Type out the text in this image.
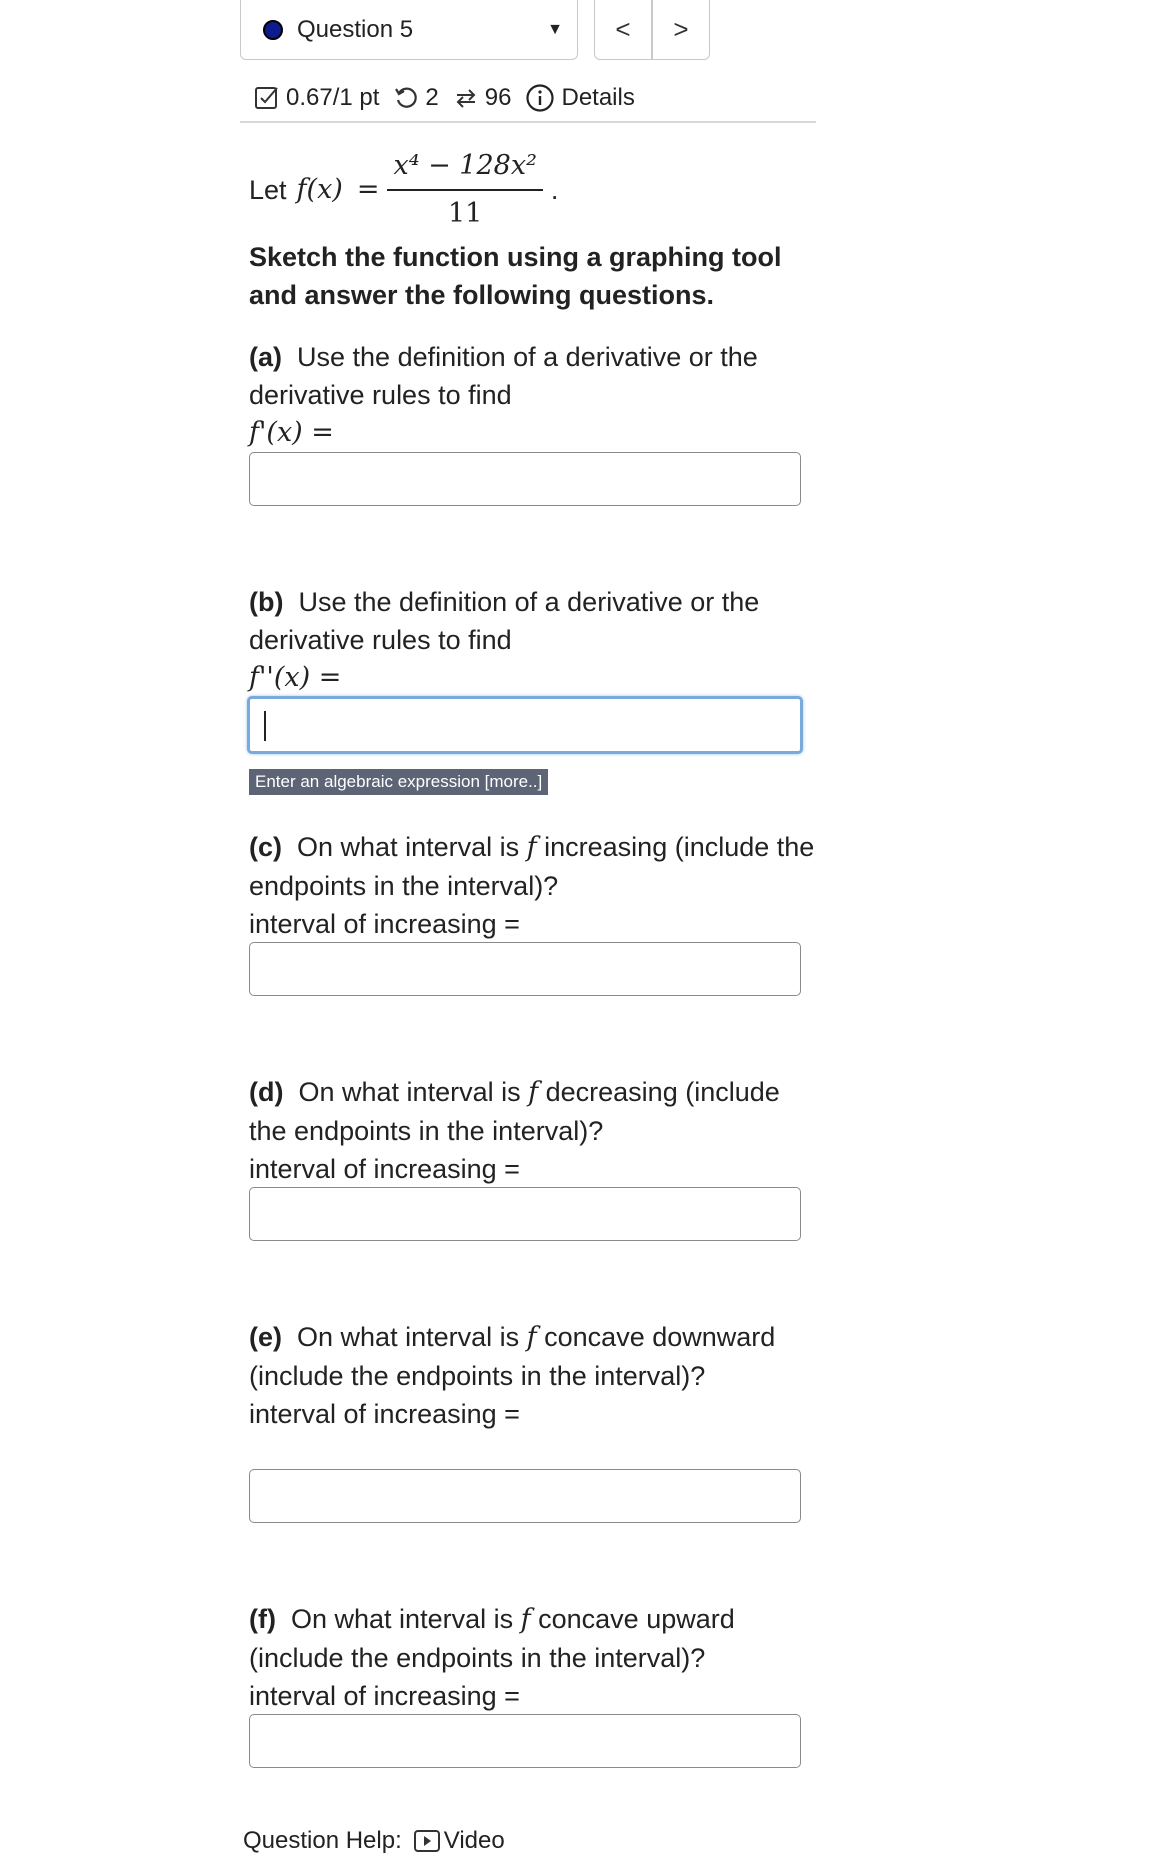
Question 5	▼ < >
0.67/1 pt 2 96 Details
Let $f(x) = \frac{\text{x⁴ − 128x²}}{11}$ .
Sketch the function using a graphing tool and answer the following questions.
(a) Use the definition of a derivative or the derivative rules to find
f'(x) =
(b) Use the definition of a derivative or the derivative rules to find
f''(x) =
Enter an algebraic expression [more..]
(c) On what interval is f increasing (include the endpoints in the interval)?
interval of increasing =
(d) On what interval is f decreasing (include the endpoints in the interval)?
interval of increasing =
(e) On what interval is f concave downward (include the endpoints in the interval)?
interval of increasing =
(f) On what interval is f concave upward (include the endpoints in the interval)?
interval of increasing =
Question Help: Video
